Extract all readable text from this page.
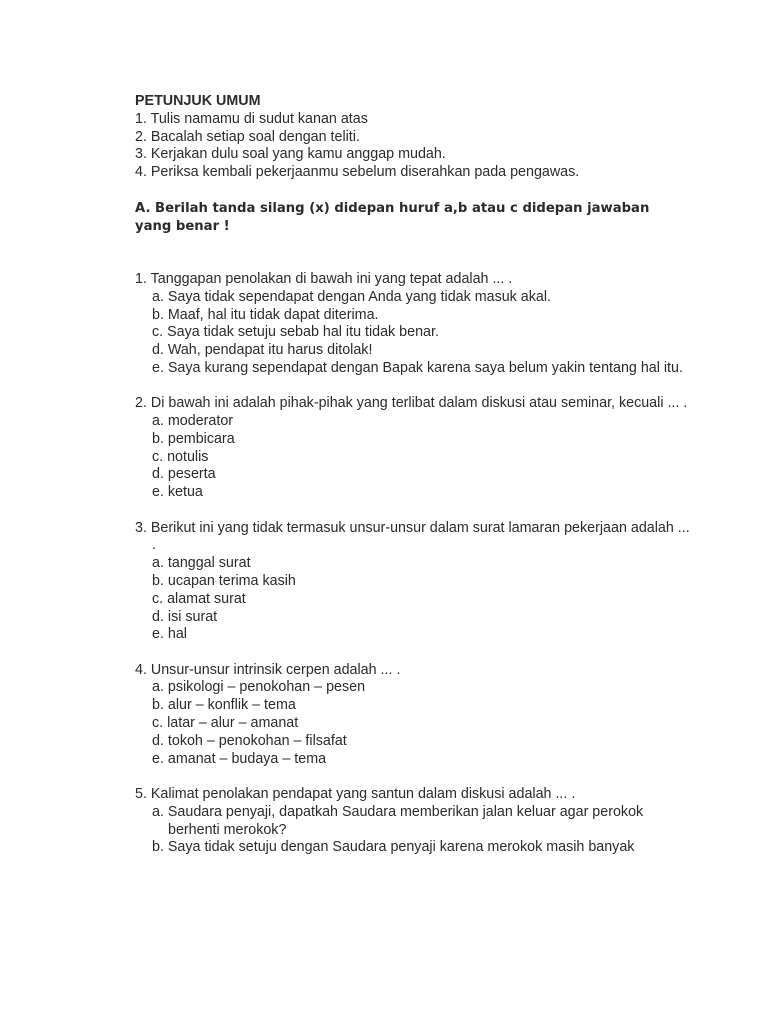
PETUNJUK UMUM

1. Tulis namamu di sudut kanan atas

2. Bacalah setiap soal dengan teliti.

3. Kerjakan dulu soal yang kamu anggap mudah.

4. Periksa kembali pekerjaanmu sebelum diserahkan pada pengawas.

A. Berilah tanda silang (x) didepan huruf a,b atau c didepan jawaban yang benar !

1. Tanggapan penolakan di bawah ini yang tepat adalah ... .

a. Saya tidak sependapat dengan Anda yang tidak masuk akal.
b. Maaf, hal itu tidak dapat diterima.
c. Saya tidak setuju sebab hal itu tidak benar.
d. Wah, pendapat itu harus ditolak!
e. Saya kurang sependapat dengan Bapak karena saya belum yakin tentang hal itu.

2. Di bawah ini adalah pihak-pihak yang terlibat dalam diskusi atau seminar, kecuali ... .

a. moderator
b. pembicara
c. notulis
d. peserta
e. ketua

3. Berikut ini yang tidak termasuk unsur-unsur dalam surat lamaran pekerjaan adalah ... .

a. tanggal surat
b. ucapan terima kasih
c. alamat surat
d. isi surat
e. hal

4. Unsur-unsur intrinsik cerpen adalah ... .

a. psikologi – penokohan – pesen
b. alur – konflik – tema
c. latar – alur – amanat
d. tokoh – penokohan – filsafat
e. amanat – budaya – tema

5. Kalimat penolakan pendapat yang santun dalam diskusi adalah ... .

a. Saudara penyaji, dapatkah Saudara memberikan jalan keluar agar perokok berhenti merokok?
b. Saya tidak setuju dengan Saudara penyaji karena merokok masih banyak
